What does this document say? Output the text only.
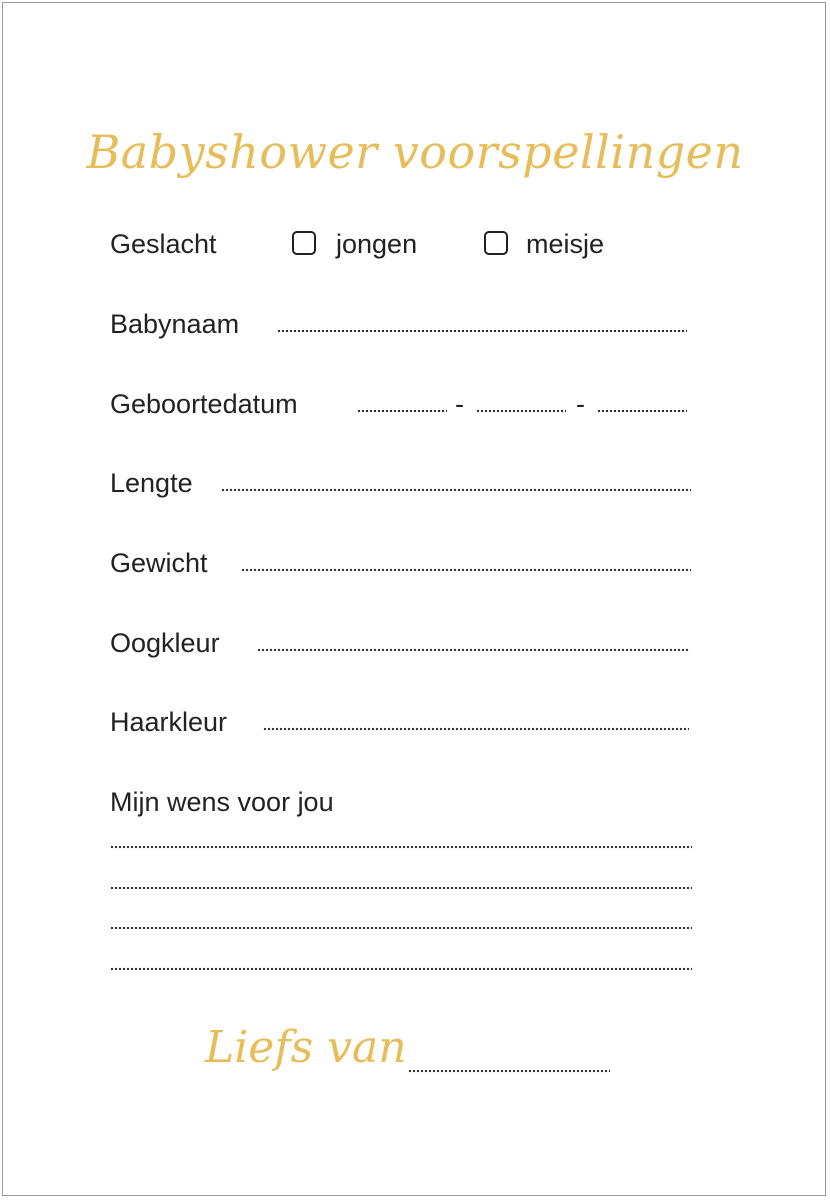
Babyshower voorspellingen
Geslacht	jongen	meisje
Babynaam
Geboortedatum	-	-
Lengte
Gewicht
Oogkleur
Haarkleur
Mijn wens voor jou
Liefs van
